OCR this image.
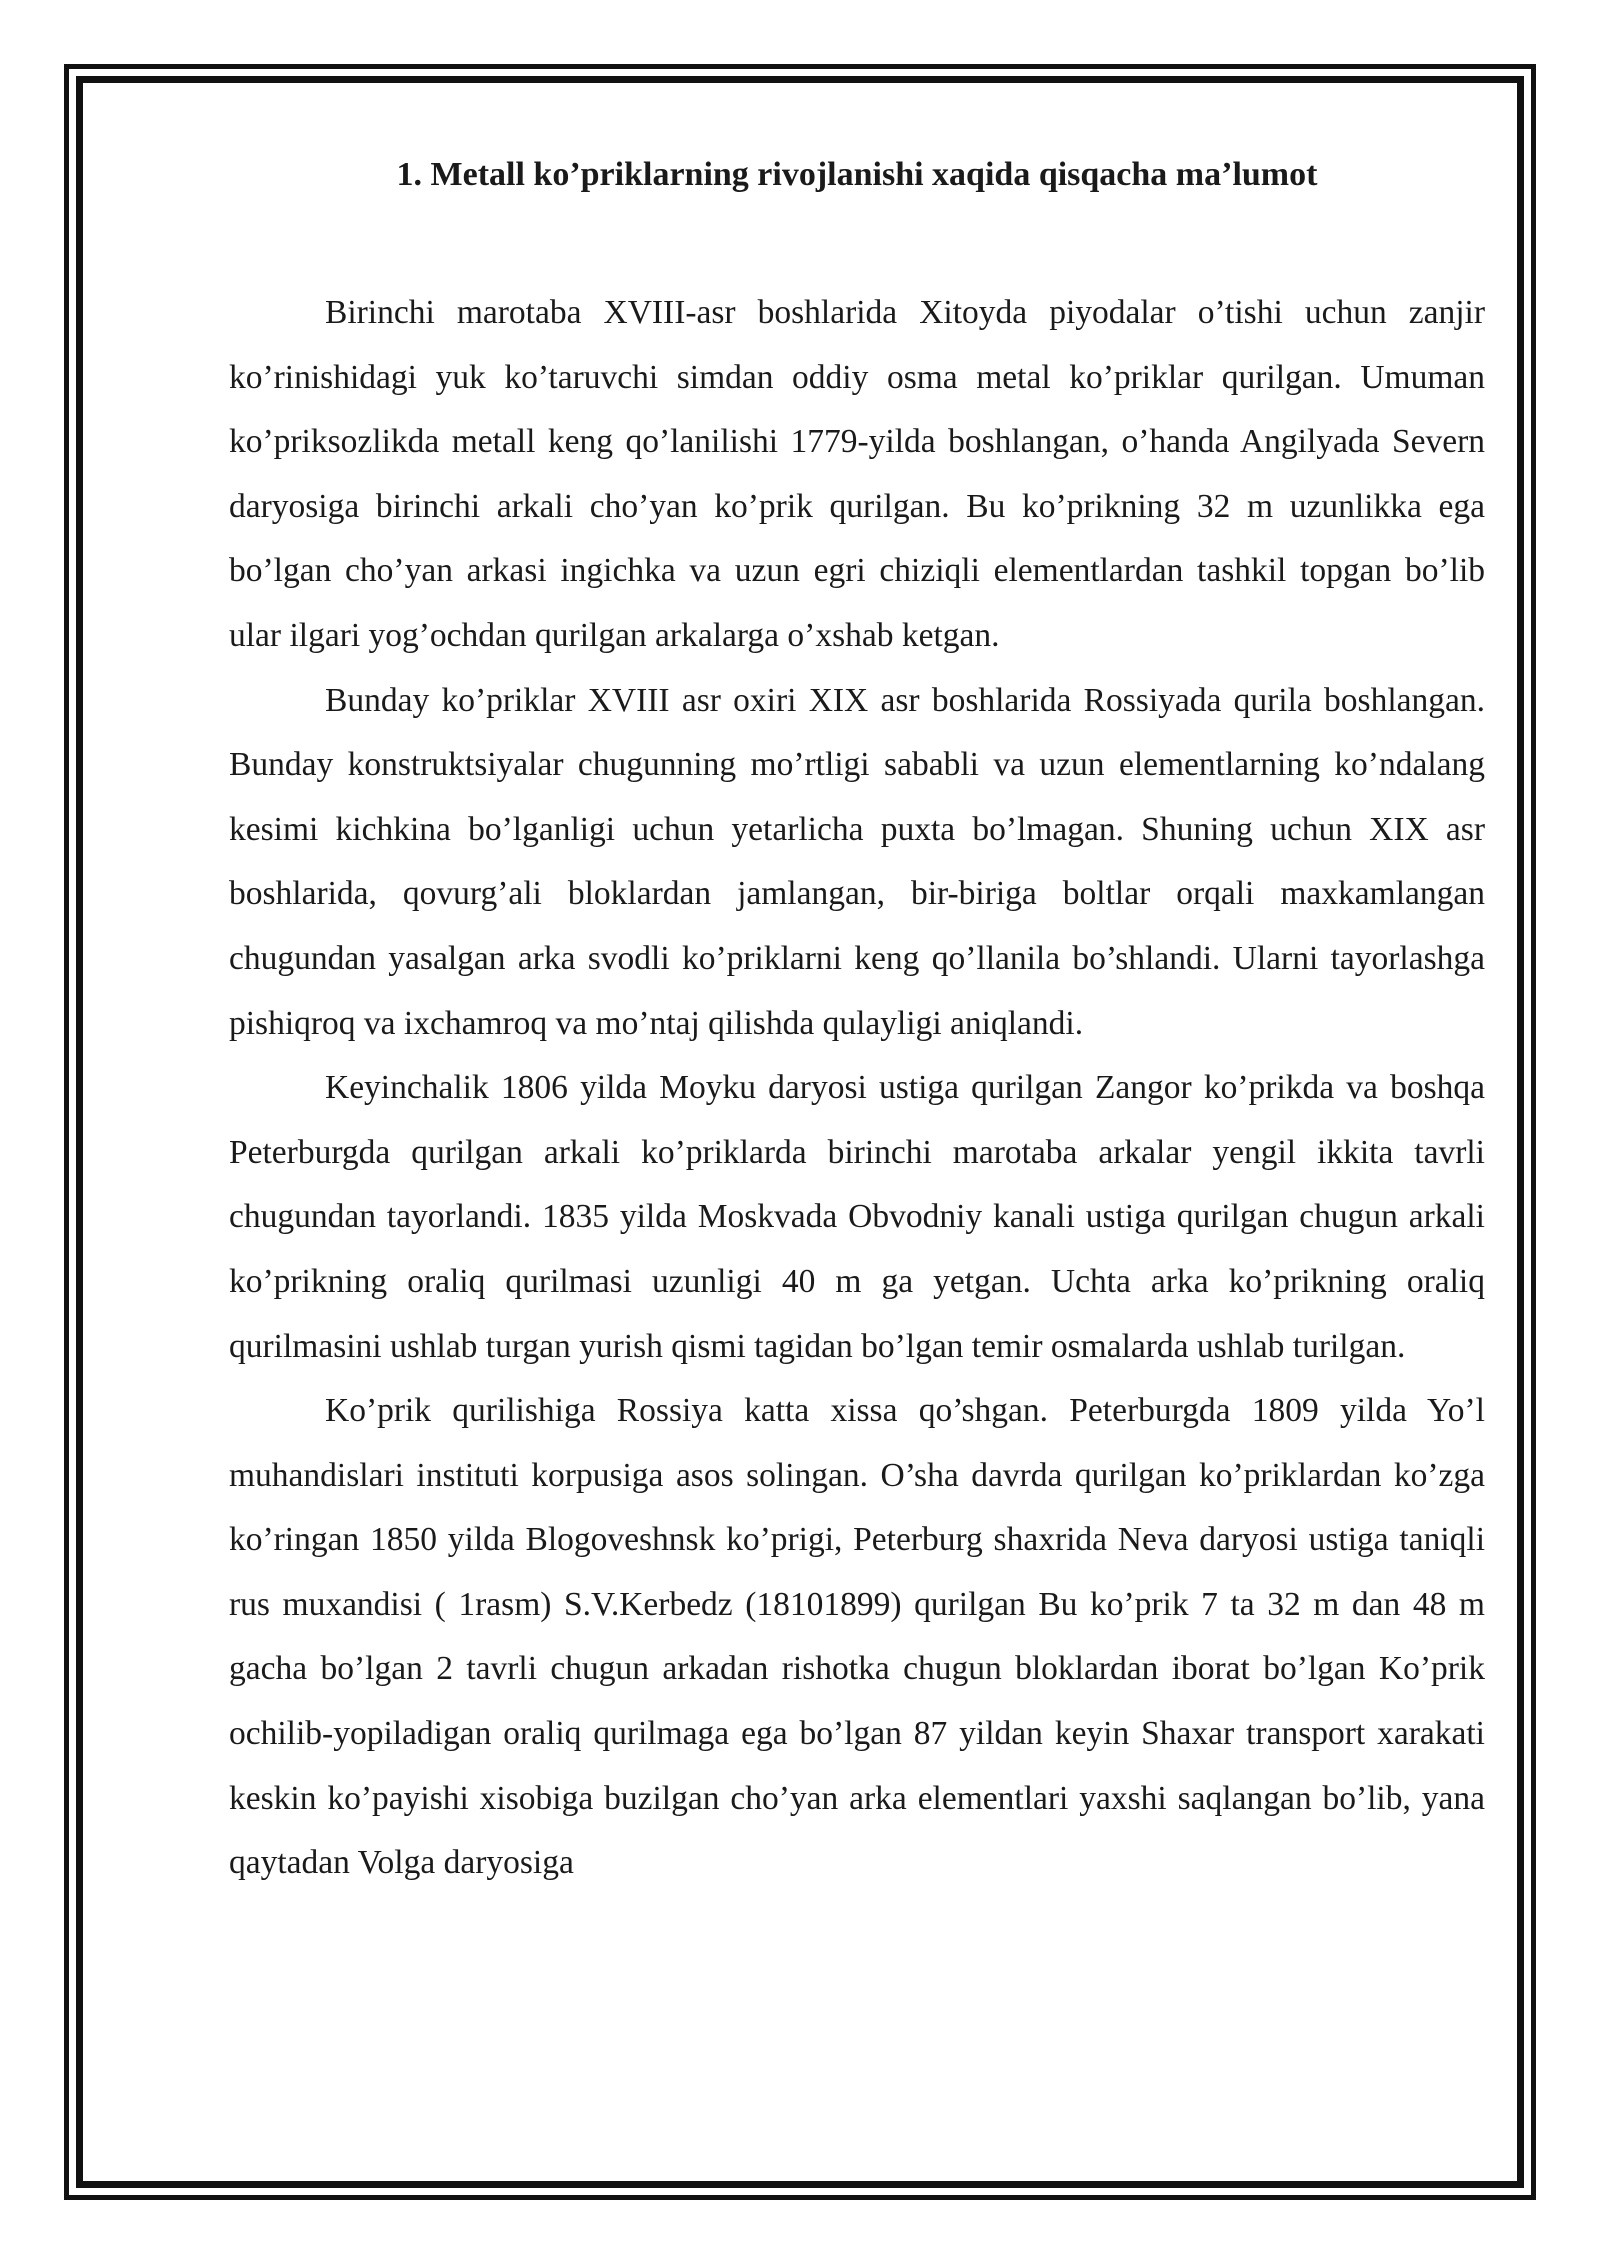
1. Metall ko’priklarning rivojlanishi xaqida qisqacha ma’lumot

Birinchi marotaba XVIII-asr boshlarida Xitoyda piyodalar o’tishi uchun zanjir ko’rinishidagi yuk ko’taruvchi simdan oddiy osma metal ko’priklar qurilgan. Umuman ko’priksozlikda metall keng qo’lanilishi 1779-yilda boshlangan, o’handa Angilyada Severn daryosiga birinchi arkali cho’yan ko’prik qurilgan. Bu ko’prikning 32 m uzunlikka ega bo’lgan cho’yan arkasi ingichka va uzun egri chiziqli elementlardan tashkil topgan bo’lib ular ilgari yog’ochdan qurilgan arkalarga o’xshab ketgan.

Bunday ko’priklar XVIII asr oxiri XIX asr boshlarida Rossiyada qurila boshlangan. Bunday konstruktsiyalar chugunning mo’rtligi sababli va uzun elementlarning ko’ndalang kesimi kichkina bo’lganligi uchun yetarlicha puxta bo’lmagan. Shuning uchun XIX asr boshlarida, qovurg’ali bloklardan jamlangan, bir-biriga boltlar orqali maxkamlangan chugundan yasalgan arka svodli ko’priklarni keng qo’llanila bo’shlandi. Ularni tayorlashga pishiqroq va ixchamroq va mo’ntaj qilishda qulayligi aniqlandi.

Keyinchalik 1806 yilda Moyku daryosi ustiga qurilgan Zangor ko’prikda va boshqa Peterburgda qurilgan arkali ko’priklarda birinchi marotaba arkalar yengil ikkita tavrli chugundan tayorlandi. 1835 yilda Moskvada Obvodniy kanali ustiga qurilgan chugun arkali ko’prikning oraliq qurilmasi uzunligi 40 m ga yetgan. Uchta arka ko’prikning oraliq qurilmasini ushlab turgan yurish qismi tagidan bo’lgan temir osmalarda ushlab turilgan.

Ko’prik qurilishiga Rossiya katta xissa qo’shgan. Peterburgda 1809 yilda Yo’l muhandislari instituti korpusiga asos solingan. O’sha davrda qurilgan ko’priklardan ko’zga ko’ringan 1850 yilda Blogoveshnsk ko’prigi, Peterburg shaxrida Neva daryosi ustiga taniqli rus muxandisi ( 1rasm) S.V.Kerbedz (18101899) qurilgan Bu ko’prik 7 ta 32 m dan 48 m gacha bo’lgan 2 tavrli chugun arkadan rishotka chugun bloklardan iborat bo’lgan Ko’prik ochilib-yopiladigan oraliq qurilmaga ega bo’lgan 87 yildan keyin Shaxar transport xarakati keskin ko’payishi xisobiga buzilgan cho’yan arka elementlari yaxshi saqlangan bo’lib, yana qaytadan Volga daryosiga
